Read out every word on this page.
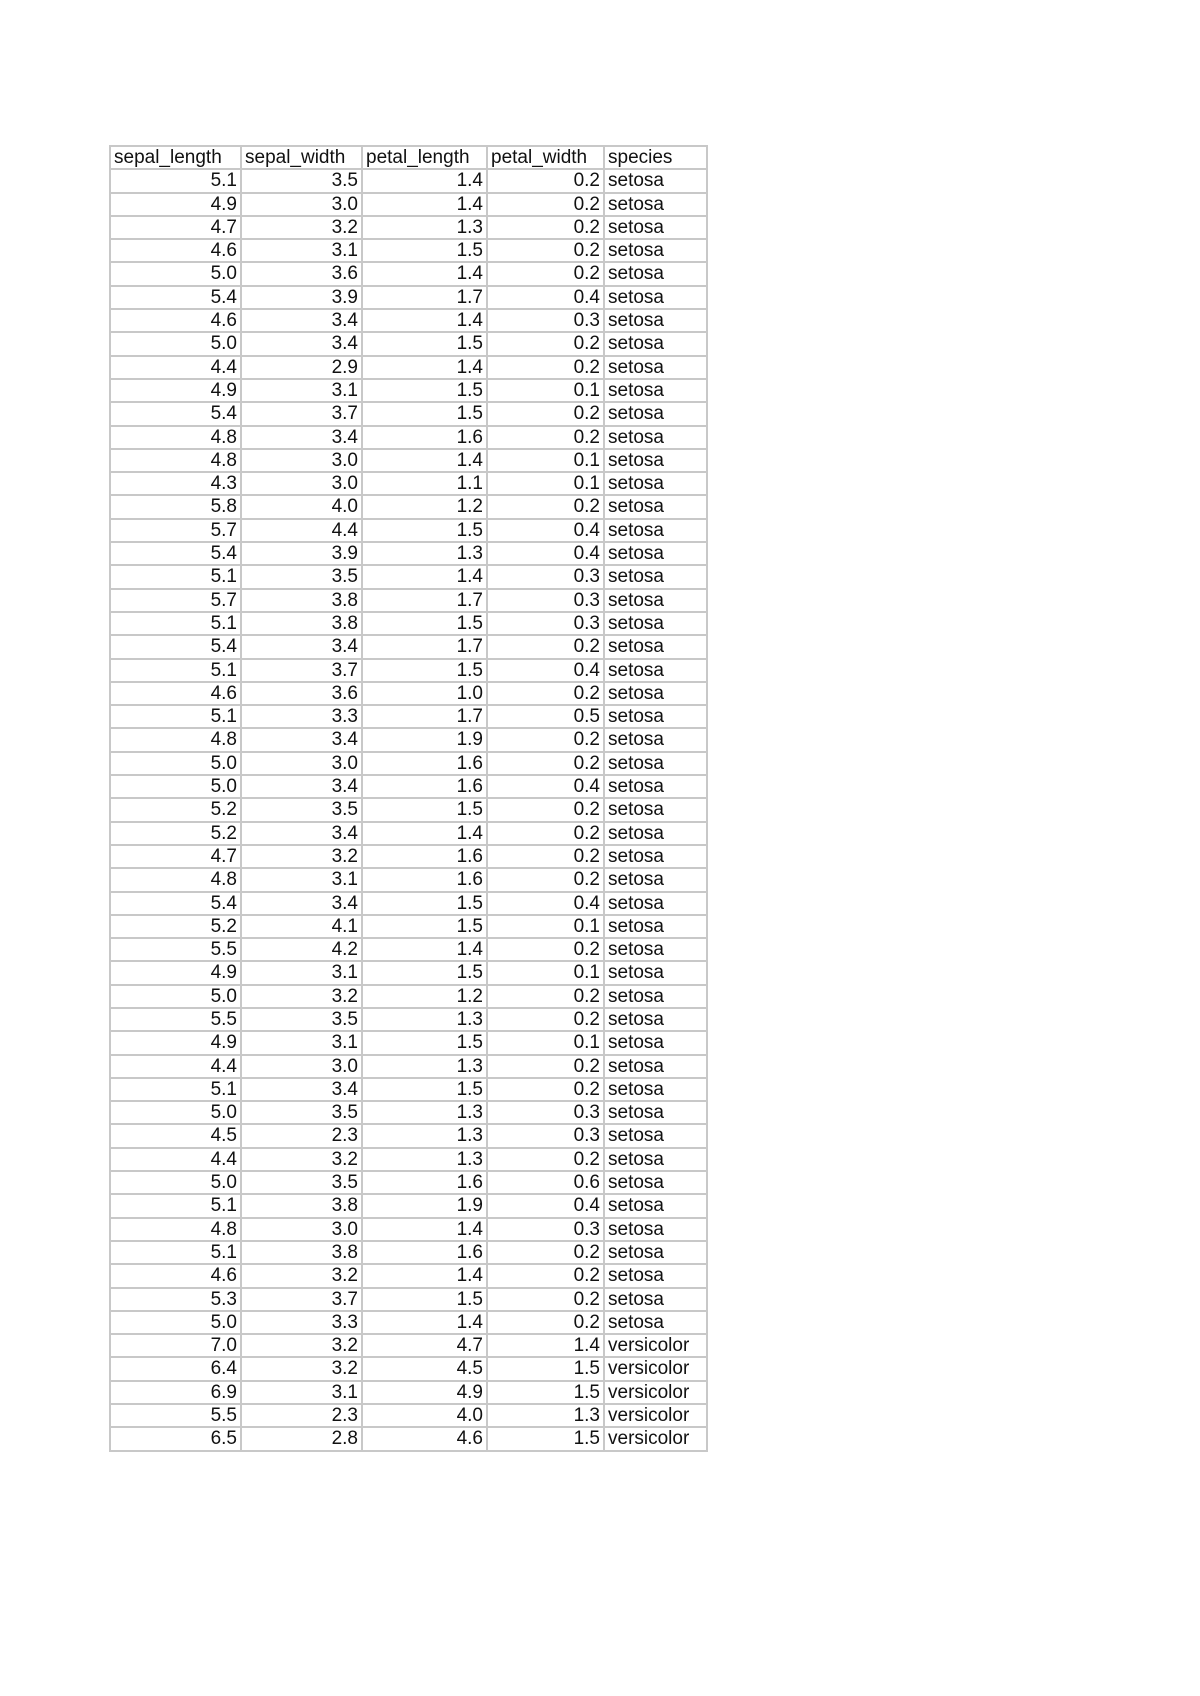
sepal_length	sepal_width	petal_length	petal_width	species
5.1	3.5	1.4	0.2	setosa
4.9	3.0	1.4	0.2	setosa
4.7	3.2	1.3	0.2	setosa
4.6	3.1	1.5	0.2	setosa
5.0	3.6	1.4	0.2	setosa
5.4	3.9	1.7	0.4	setosa
4.6	3.4	1.4	0.3	setosa
5.0	3.4	1.5	0.2	setosa
4.4	2.9	1.4	0.2	setosa
4.9	3.1	1.5	0.1	setosa
5.4	3.7	1.5	0.2	setosa
4.8	3.4	1.6	0.2	setosa
4.8	3.0	1.4	0.1	setosa
4.3	3.0	1.1	0.1	setosa
5.8	4.0	1.2	0.2	setosa
5.7	4.4	1.5	0.4	setosa
5.4	3.9	1.3	0.4	setosa
5.1	3.5	1.4	0.3	setosa
5.7	3.8	1.7	0.3	setosa
5.1	3.8	1.5	0.3	setosa
5.4	3.4	1.7	0.2	setosa
5.1	3.7	1.5	0.4	setosa
4.6	3.6	1.0	0.2	setosa
5.1	3.3	1.7	0.5	setosa
4.8	3.4	1.9	0.2	setosa
5.0	3.0	1.6	0.2	setosa
5.0	3.4	1.6	0.4	setosa
5.2	3.5	1.5	0.2	setosa
5.2	3.4	1.4	0.2	setosa
4.7	3.2	1.6	0.2	setosa
4.8	3.1	1.6	0.2	setosa
5.4	3.4	1.5	0.4	setosa
5.2	4.1	1.5	0.1	setosa
5.5	4.2	1.4	0.2	setosa
4.9	3.1	1.5	0.1	setosa
5.0	3.2	1.2	0.2	setosa
5.5	3.5	1.3	0.2	setosa
4.9	3.1	1.5	0.1	setosa
4.4	3.0	1.3	0.2	setosa
5.1	3.4	1.5	0.2	setosa
5.0	3.5	1.3	0.3	setosa
4.5	2.3	1.3	0.3	setosa
4.4	3.2	1.3	0.2	setosa
5.0	3.5	1.6	0.6	setosa
5.1	3.8	1.9	0.4	setosa
4.8	3.0	1.4	0.3	setosa
5.1	3.8	1.6	0.2	setosa
4.6	3.2	1.4	0.2	setosa
5.3	3.7	1.5	0.2	setosa
5.0	3.3	1.4	0.2	setosa
7.0	3.2	4.7	1.4	versicolor
6.4	3.2	4.5	1.5	versicolor
6.9	3.1	4.9	1.5	versicolor
5.5	2.3	4.0	1.3	versicolor
6.5	2.8	4.6	1.5	versicolor
